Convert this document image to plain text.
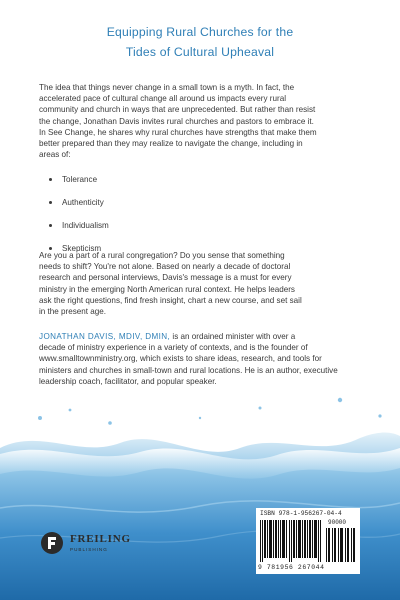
Equipping Rural Churches for the
Tides of Cultural Upheaval
The idea that things never change in a small town is a myth. In fact, the
accelerated pace of cultural change all around us impacts every rural
community and church in ways that are unprecedented. But rather than resist
the change, Jonathan Davis invites rural churches and pastors to embrace it.
In See Change, he shares why rural churches have strengths that make them
better prepared than they may realize to navigate the change, including in
areas of:
Tolerance
Authenticity
Individualism
Skepticism
Are you a part of a rural congregation? Do you sense that something
needs to shift? You're not alone. Based on nearly a decade of doctoral
research and personal interviews, Davis's message is a must for every
ministry in the emerging North American rural context. He helps leaders
ask the right questions, find fresh insight, chart a new course, and set sail
in the present age.
JONATHAN DAVIS, MDIV, DMIN, is an ordained minister with over a
decade of ministry experience in a variety of contexts, and is the founder of
www.smalltownministry.org, which exists to share ideas, research, and tools for
ministers and churches in small-town and rural locations. He is an author, executive
leadership coach, facilitator, and popular speaker.
FREILING
PUBLISHING
ISBN 978-1-956267-04-4
90000
9 781956 267044
